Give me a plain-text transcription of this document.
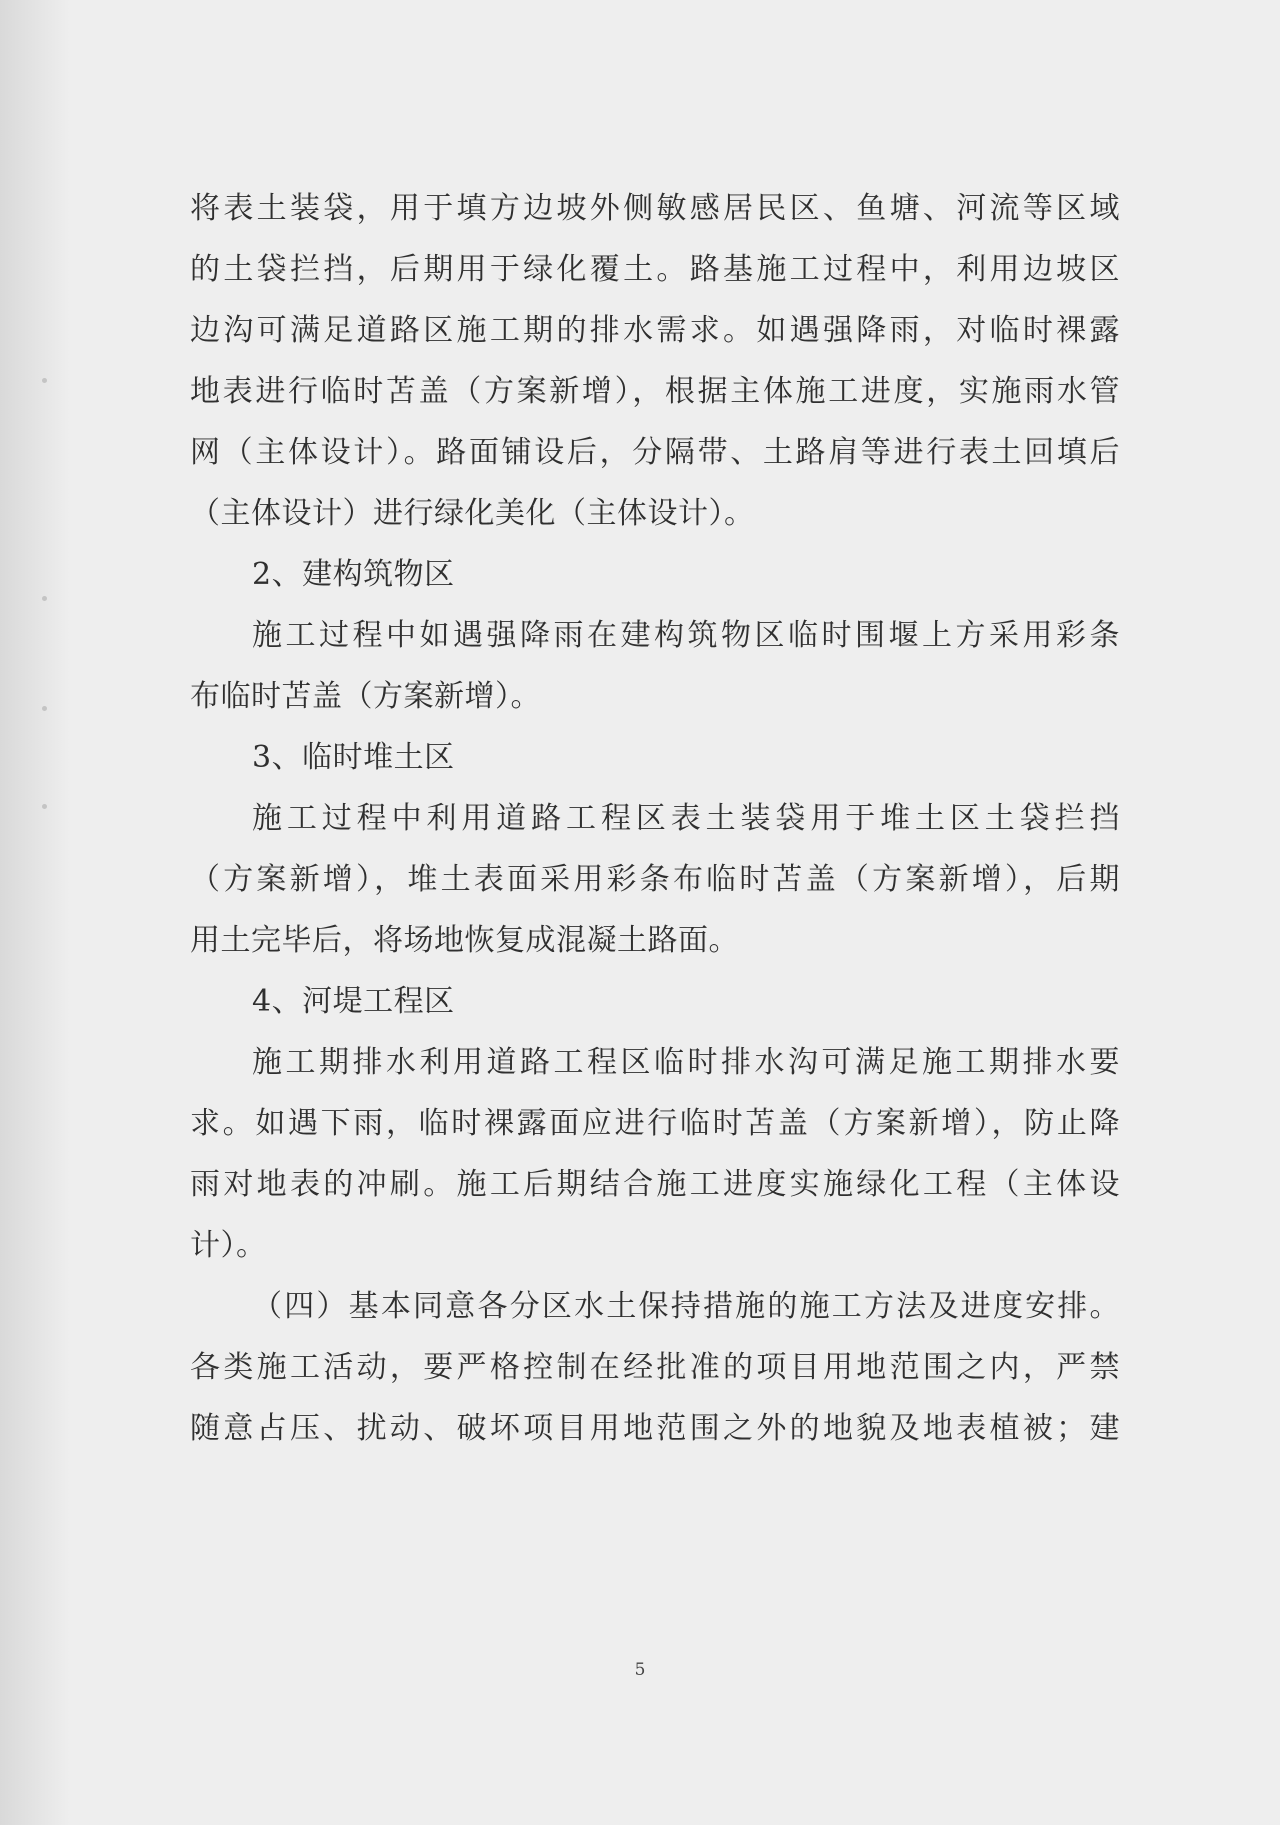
将表土装袋，用于填方边坡外侧敏感居民区、鱼塘、河流等区域
的土袋拦挡，后期用于绿化覆土。路基施工过程中，利用边坡区
边沟可满足道路区施工期的排水需求。如遇强降雨，对临时裸露
地表进行临时苫盖（方案新增），根据主体施工进度，实施雨水管
网（主体设计）。路面铺设后，分隔带、土路肩等进行表土回填后
（主体设计）进行绿化美化（主体设计）。
2、建构筑物区
施工过程中如遇强降雨在建构筑物区临时围堰上方采用彩条
布临时苫盖（方案新增）。
3、临时堆土区
施工过程中利用道路工程区表土装袋用于堆土区土袋拦挡
（方案新增），堆土表面采用彩条布临时苫盖（方案新增），后期
用土完毕后，将场地恢复成混凝土路面。
4、河堤工程区
施工期排水利用道路工程区临时排水沟可满足施工期排水要
求。如遇下雨，临时裸露面应进行临时苫盖（方案新增），防止降
雨对地表的冲刷。施工后期结合施工进度实施绿化工程（主体设
计）。
（四）基本同意各分区水土保持措施的施工方法及进度安排。
各类施工活动，要严格控制在经批准的项目用地范围之内，严禁
随意占压、扰动、破坏项目用地范围之外的地貌及地表植被；建
5
